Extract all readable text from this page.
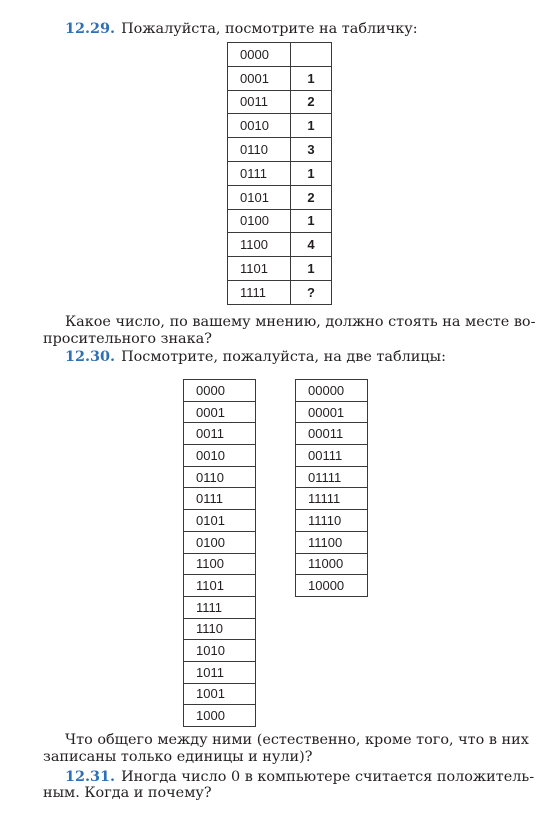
12.29. Пожалуйста, посмотрите на табличку:
0000	
0001	1
0011	2
0010	1
0110	3
0111	1
0101	2
0100	1
1100	4
1101	1
1111	?
Какое число, по вашему мнению, должно стоять на месте во-
просительного знака?
12.30. Посмотрите, пожалуйста, на две таблицы:
0000
0001
0011
0010
0110
0111
0101
0100
1100
1101
1111
1110
1010
1011
1001
1000
00000
00001
00011
00111
01111
11111
11110
11100
11000
10000
Что общего между ними (естественно, кроме того, что в них
записаны только единицы и нули)?
12.31. Иногда число 0 в компьютере считается положитель-
ным. Когда и почему?
